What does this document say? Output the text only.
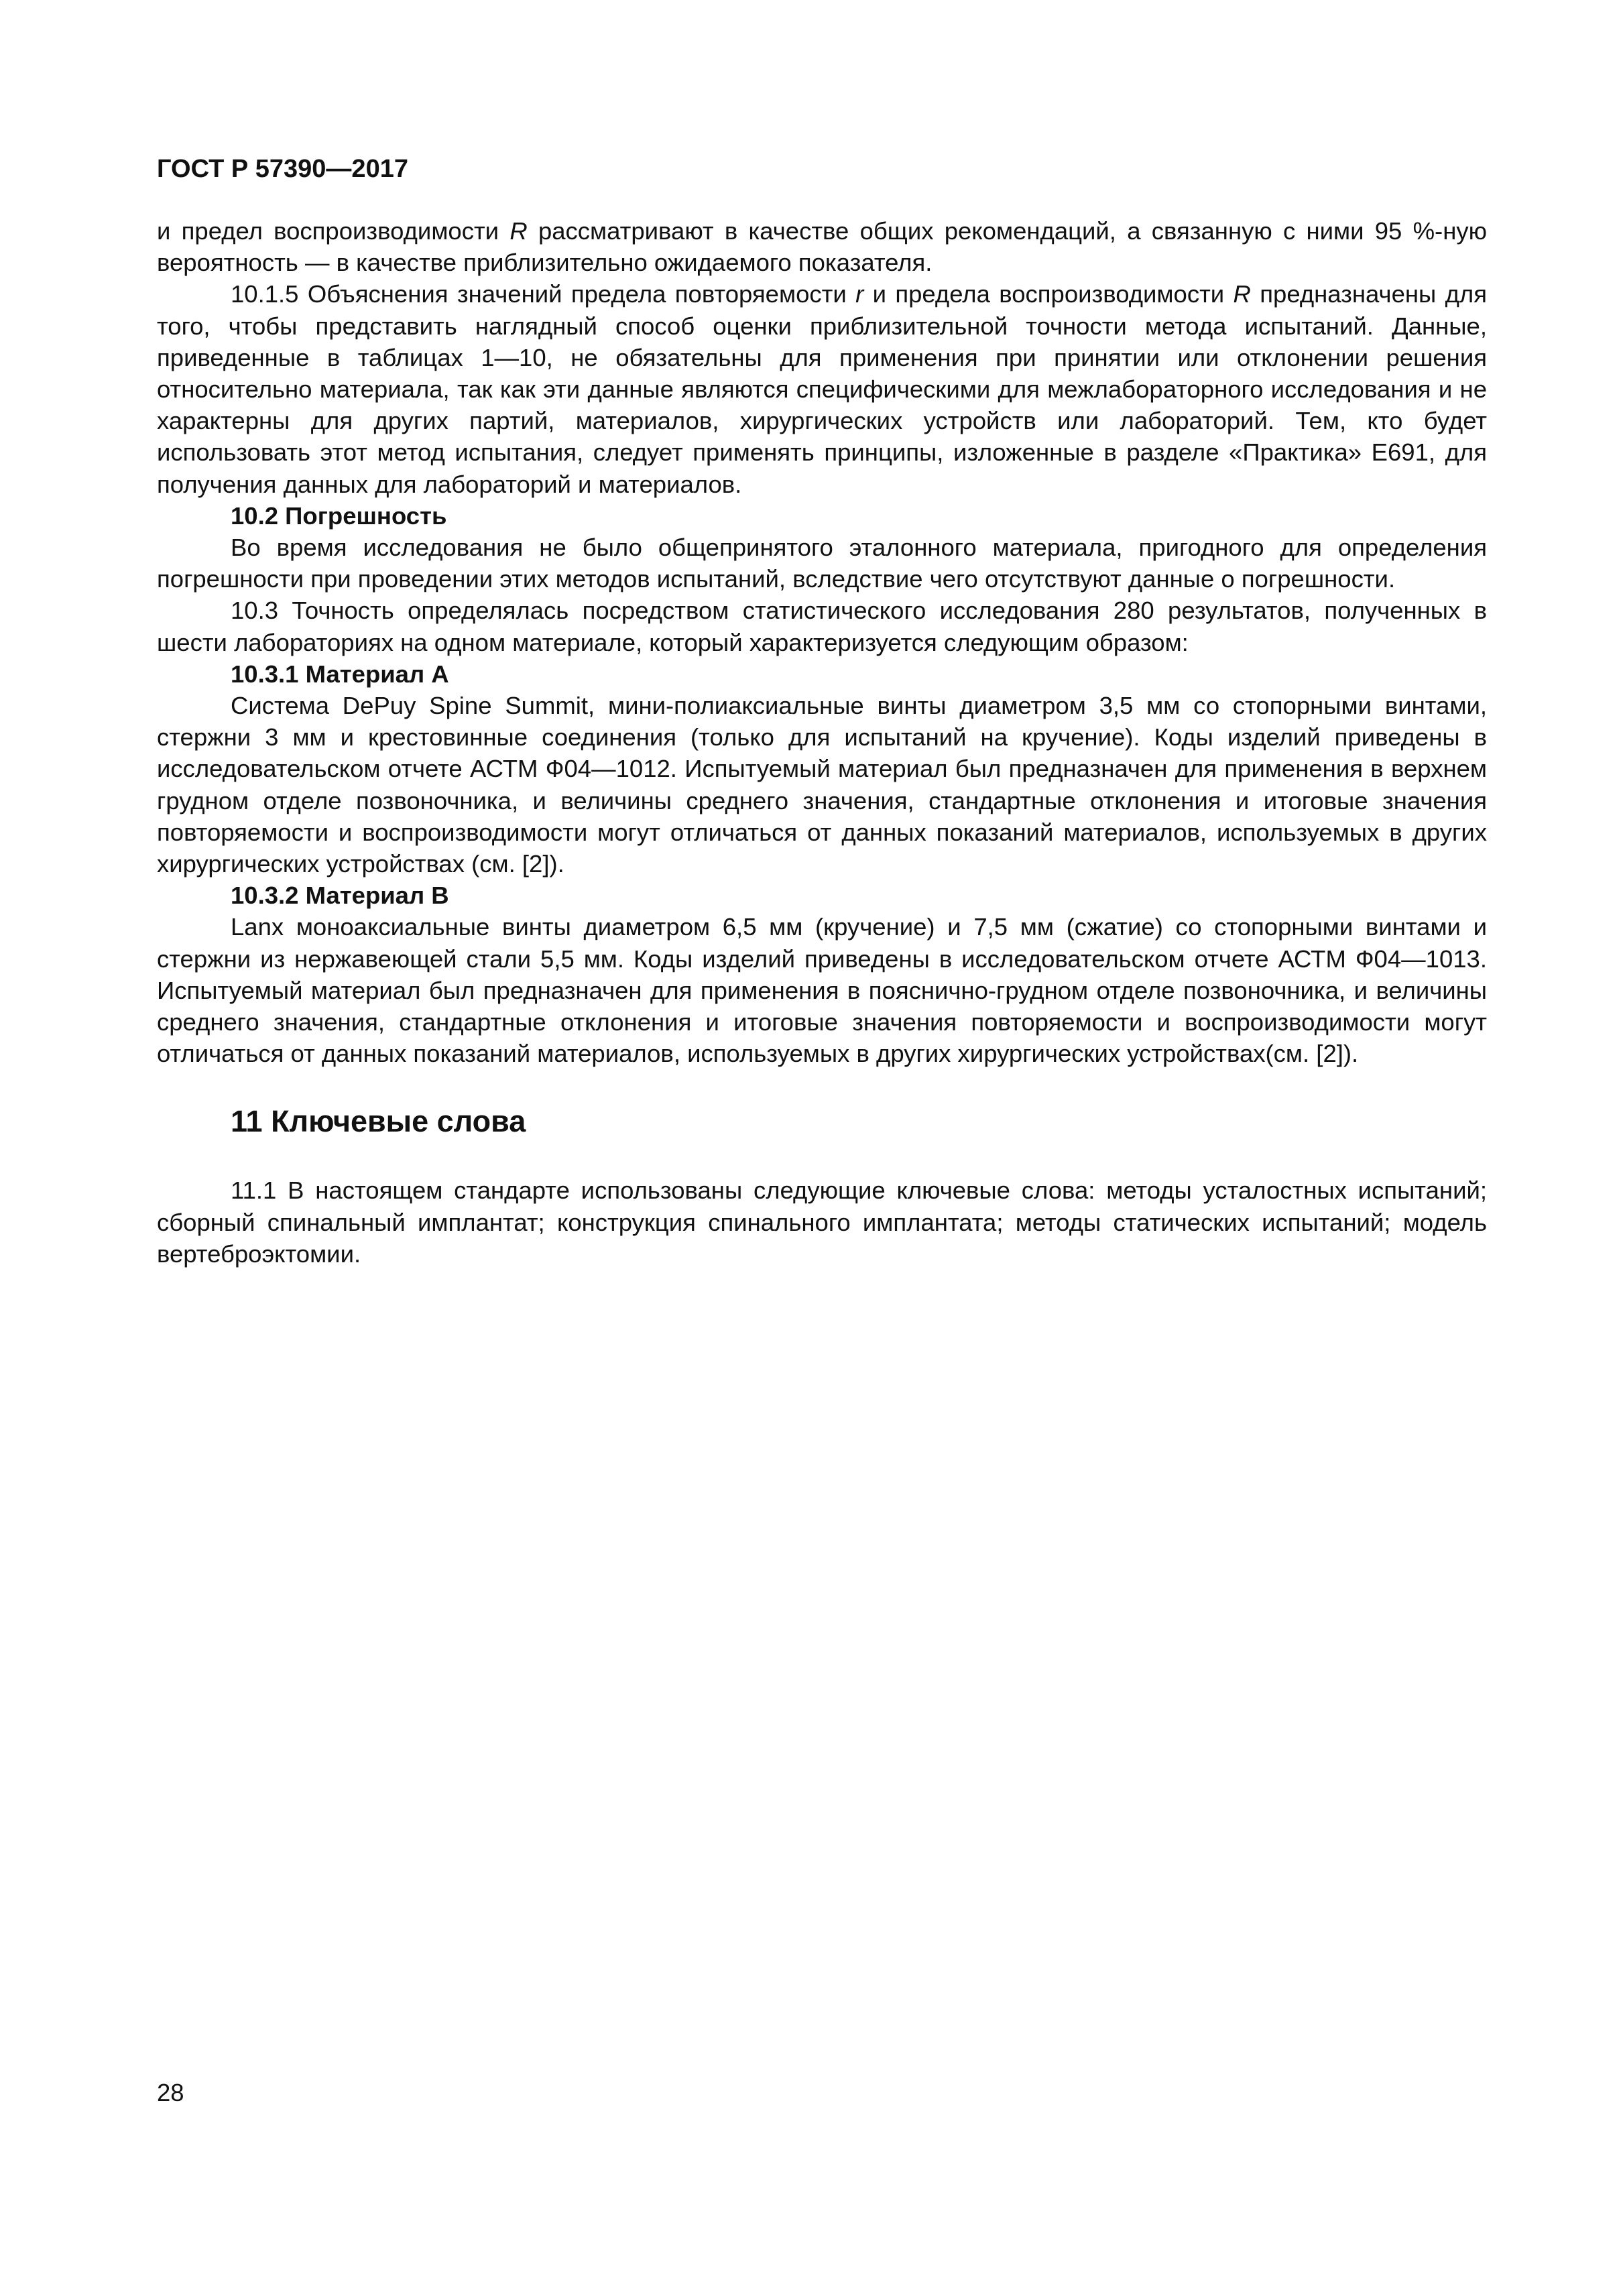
ГОСТ Р 57390—2017

и предел воспроизводимости R рассматривают в качестве общих рекомендаций, а связанную с ними 95 %-ную вероятность — в качестве приблизительно ожидаемого показателя.

10.1.5 Объяснения значений предела повторяемости r и предела воспроизводимости R предназначены для того, чтобы представить наглядный способ оценки приблизительной точности метода испытаний. Данные, приведенные в таблицах 1—10, не обязательны для применения при принятии или отклонении решения относительно материала, так как эти данные являются специфическими для межлабораторного исследования и не характерны для других партий, материалов, хирургических устройств или лабораторий. Тем, кто будет использовать этот метод испытания, следует применять принципы, изложенные в разделе «Практика» Е691, для получения данных для лабораторий и материалов.

10.2 Погрешность

Во время исследования не было общепринятого эталонного материала, пригодного для определения погрешности при проведении этих методов испытаний, вследствие чего отсутствуют данные о погрешности.

10.3 Точность определялась посредством статистического исследования 280 результатов, полученных в шести лабораториях на одном материале, который характеризуется следующим образом:

10.3.1 Материал А

Система DePuy Spine Summit, мини-полиаксиальные винты диаметром 3,5 мм со стопорными винтами, стержни 3 мм и крестовинные соединения (только для испытаний на кручение). Коды изделий приведены в исследовательском отчете АСТМ Ф04—1012. Испытуемый материал был предназначен для применения в верхнем грудном отделе позвоночника, и величины среднего значения, стандартные отклонения и итоговые значения повторяемости и воспроизводимости могут отличаться от данных показаний материалов, используемых в других хирургических устройствах (см. [2]).

10.3.2 Материал В

Lanx моноаксиальные винты диаметром 6,5 мм (кручение) и 7,5 мм (сжатие) со стопорными винтами и стержни из нержавеющей стали 5,5 мм. Коды изделий приведены в исследовательском отчете АСТМ Ф04—1013. Испытуемый материал был предназначен для применения в пояснично-грудном отделе позвоночника, и величины среднего значения, стандартные отклонения и итоговые значения повторяемости и воспроизводимости могут отличаться от данных показаний материалов, используемых в других хирургических устройствах(см. [2]).

11 Ключевые слова

11.1 В настоящем стандарте использованы следующие ключевые слова: методы усталостных испытаний; сборный спинальный имплантат; конструкция спинального имплантата; методы статических испытаний; модель вертеброэктомии.

28
